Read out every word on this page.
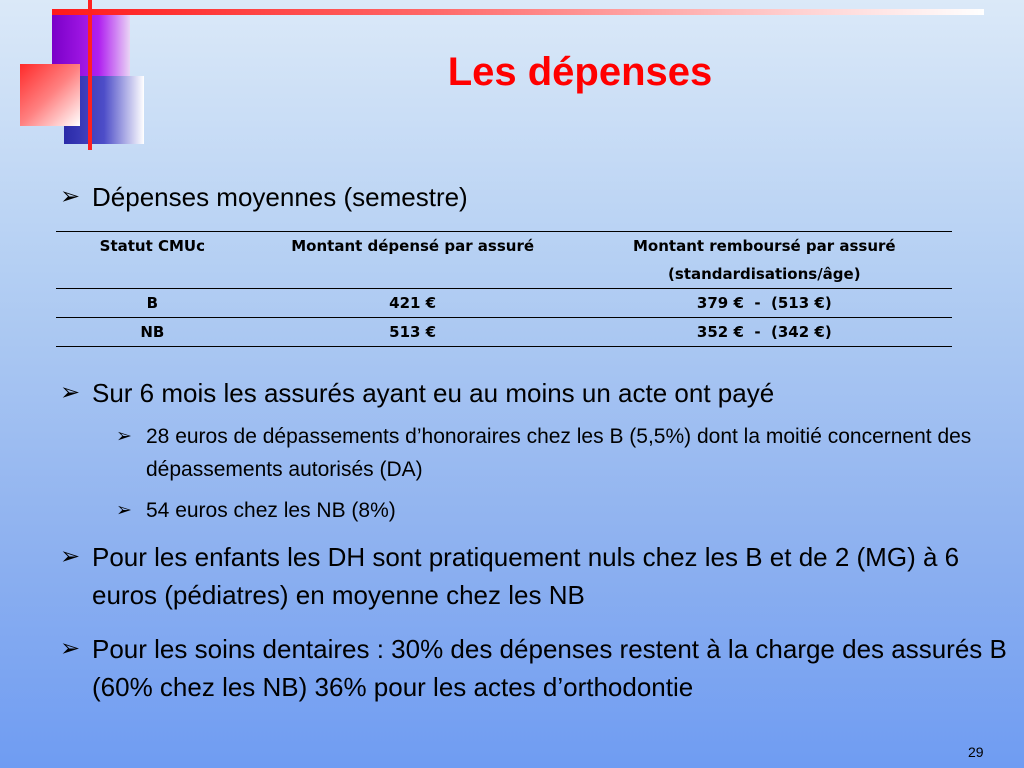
Les dépenses
➢ Dépenses moyennes (semestre)
Statut CMUc	Montant dépensé par assuré	Montant remboursé par assuré (standardisations/âge)
B	421 €	379 €  -  (513 €)
NB	513 €	352 €  -  (342 €)
➢ Sur 6 mois les assurés ayant eu au moins un acte ont payé
➢ 28 euros de dépassements d’honoraires chez les B (5,5%) dont la moitié concernent des dépassements autorisés (DA)
➢ 54 euros chez les NB (8%)
➢ Pour les enfants les DH sont pratiquement nuls chez les B et de 2 (MG) à 6 euros (pédiatres) en moyenne chez les NB
➢ Pour les soins dentaires : 30% des dépenses restent à la charge des assurés B (60% chez les NB) 36% pour les actes d’orthodontie
29
